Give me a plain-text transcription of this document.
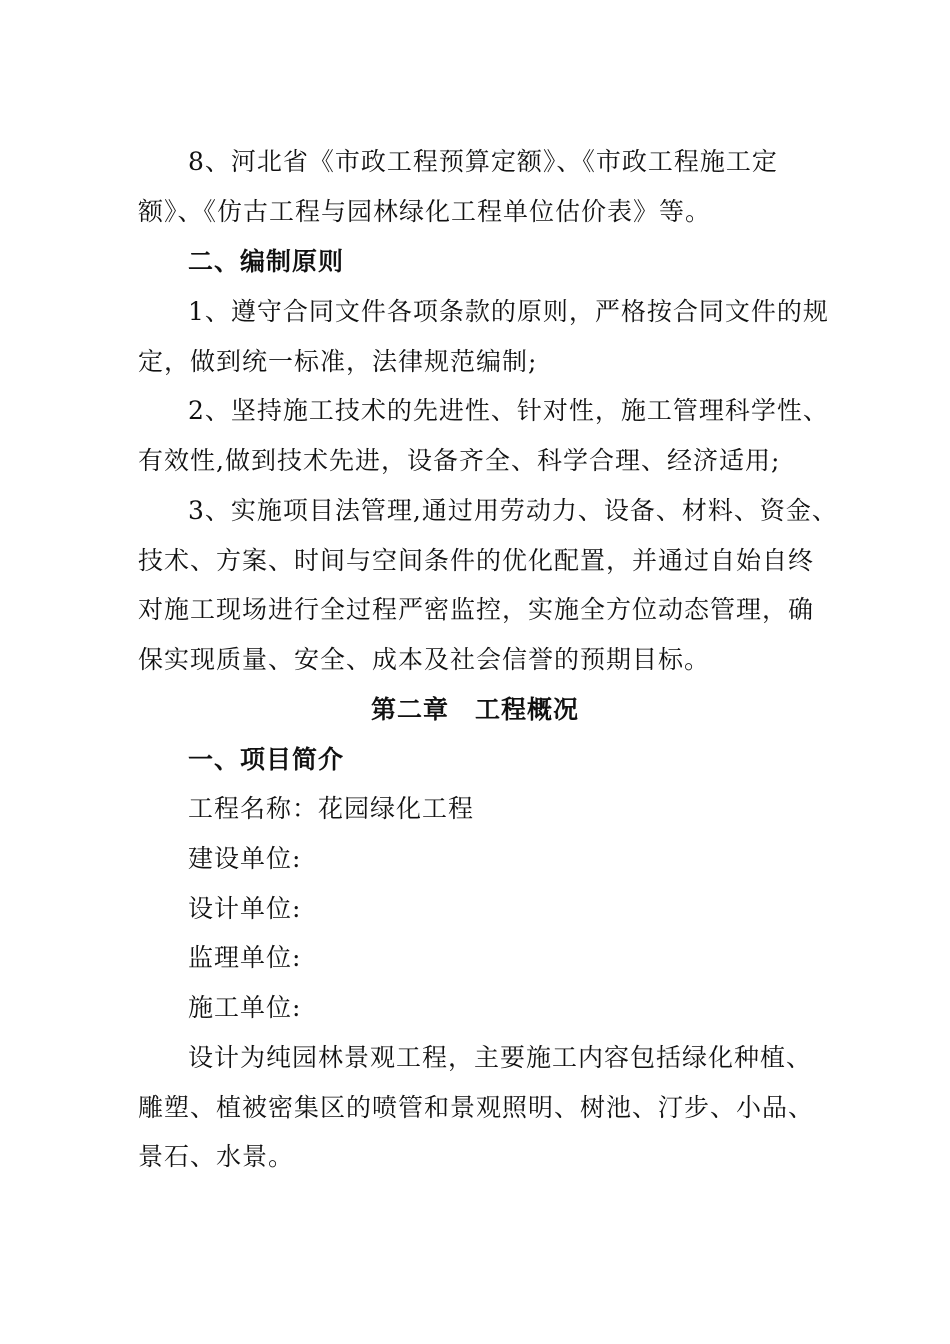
8、河北省《市政工程预算定额》、《市政工程施工定
额》、《仿古工程与园林绿化工程单位估价表》等。
二、编制原则
1、遵守合同文件各项条款的原则，严格按合同文件的规
定，做到统一标准，法律规范编制;
2、坚持施工技术的先进性、针对性，施工管理科学性、
有效性,做到技术先进，设备齐全、科学合理、经济适用;
3、实施项目法管理,通过用劳动力、设备、材料、资金、
技术、方案、时间与空间条件的优化配置，并通过自始自终
对施工现场进行全过程严密监控，实施全方位动态管理，确
保实现质量、安全、成本及社会信誉的预期目标。
第二章　工程概况
一、项目简介
工程名称：花园绿化工程
建设单位:
设计单位:
监理单位:
施工单位:
设计为纯园林景观工程，主要施工内容包括绿化种植、
雕塑、植被密集区的喷管和景观照明、树池、汀步、小品、
景石、水景。
